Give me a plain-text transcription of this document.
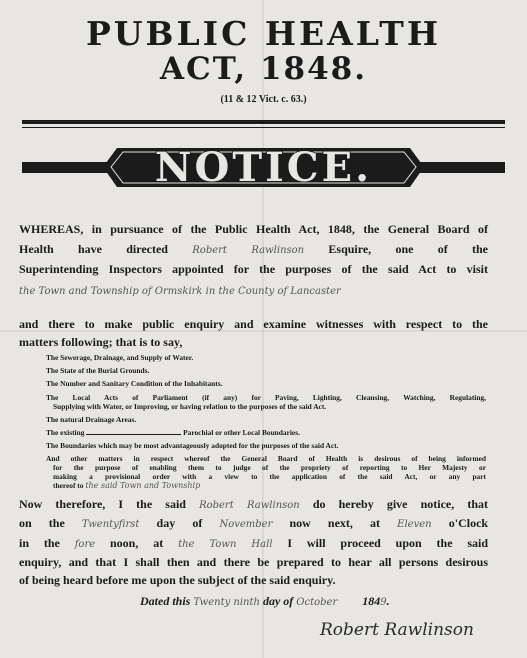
PUBLIC HEALTH
ACT, 1848.
(11 & 12 Vict. c. 63.)
NOTICE.
WHEREAS, in pursuance of the Public Health Act, 1848, the General Board of
Health have directed Robert Rawlinson Esquire, one of the
Superintending Inspectors appointed for the purposes of the said Act to visit
the Town and Township of Ormskirk in the County of Lancaster
and there to make public enquiry and examine witnesses with respect to the
matters following; that is to say,
The Sewerage, Drainage, and Supply of Water.
The State of the Burial Grounds.
The Number and Sanitary Condition of the Inhabitants.
The Local Acts of Parliament (if any) for Paving, Lighting, Cleansing, Watching, Regulating,
Supplying with Water, or Improving, or having relation to the purposes of the said Act.
The natural Drainage Areas.
The existing	Parochial or other Local Boundaries.
The Boundaries which may be most advantageously adopted for the purposes of the said Act.
And other matters in respect whereof the General Board of Health is desirous of being informed
for the purpose of enabling them to judge of the propriety of reporting to Her Majesty or
making a provisional order with a view to the application of the said Act, or any part
thereof to the said Town and Township
Now therefore, I the said Robert Rawlinson do hereby give notice, that
on the Twentyfirst day of November now next, at Eleven o'Clock
in the fore noon, at the Town Hall I will proceed upon the said
enquiry, and that I shall then and there be prepared to hear all persons desirous
of being heard before me upon the subject of the said enquiry.
Dated this Twenty ninth day of October 1849.
Robert Rawlinson
